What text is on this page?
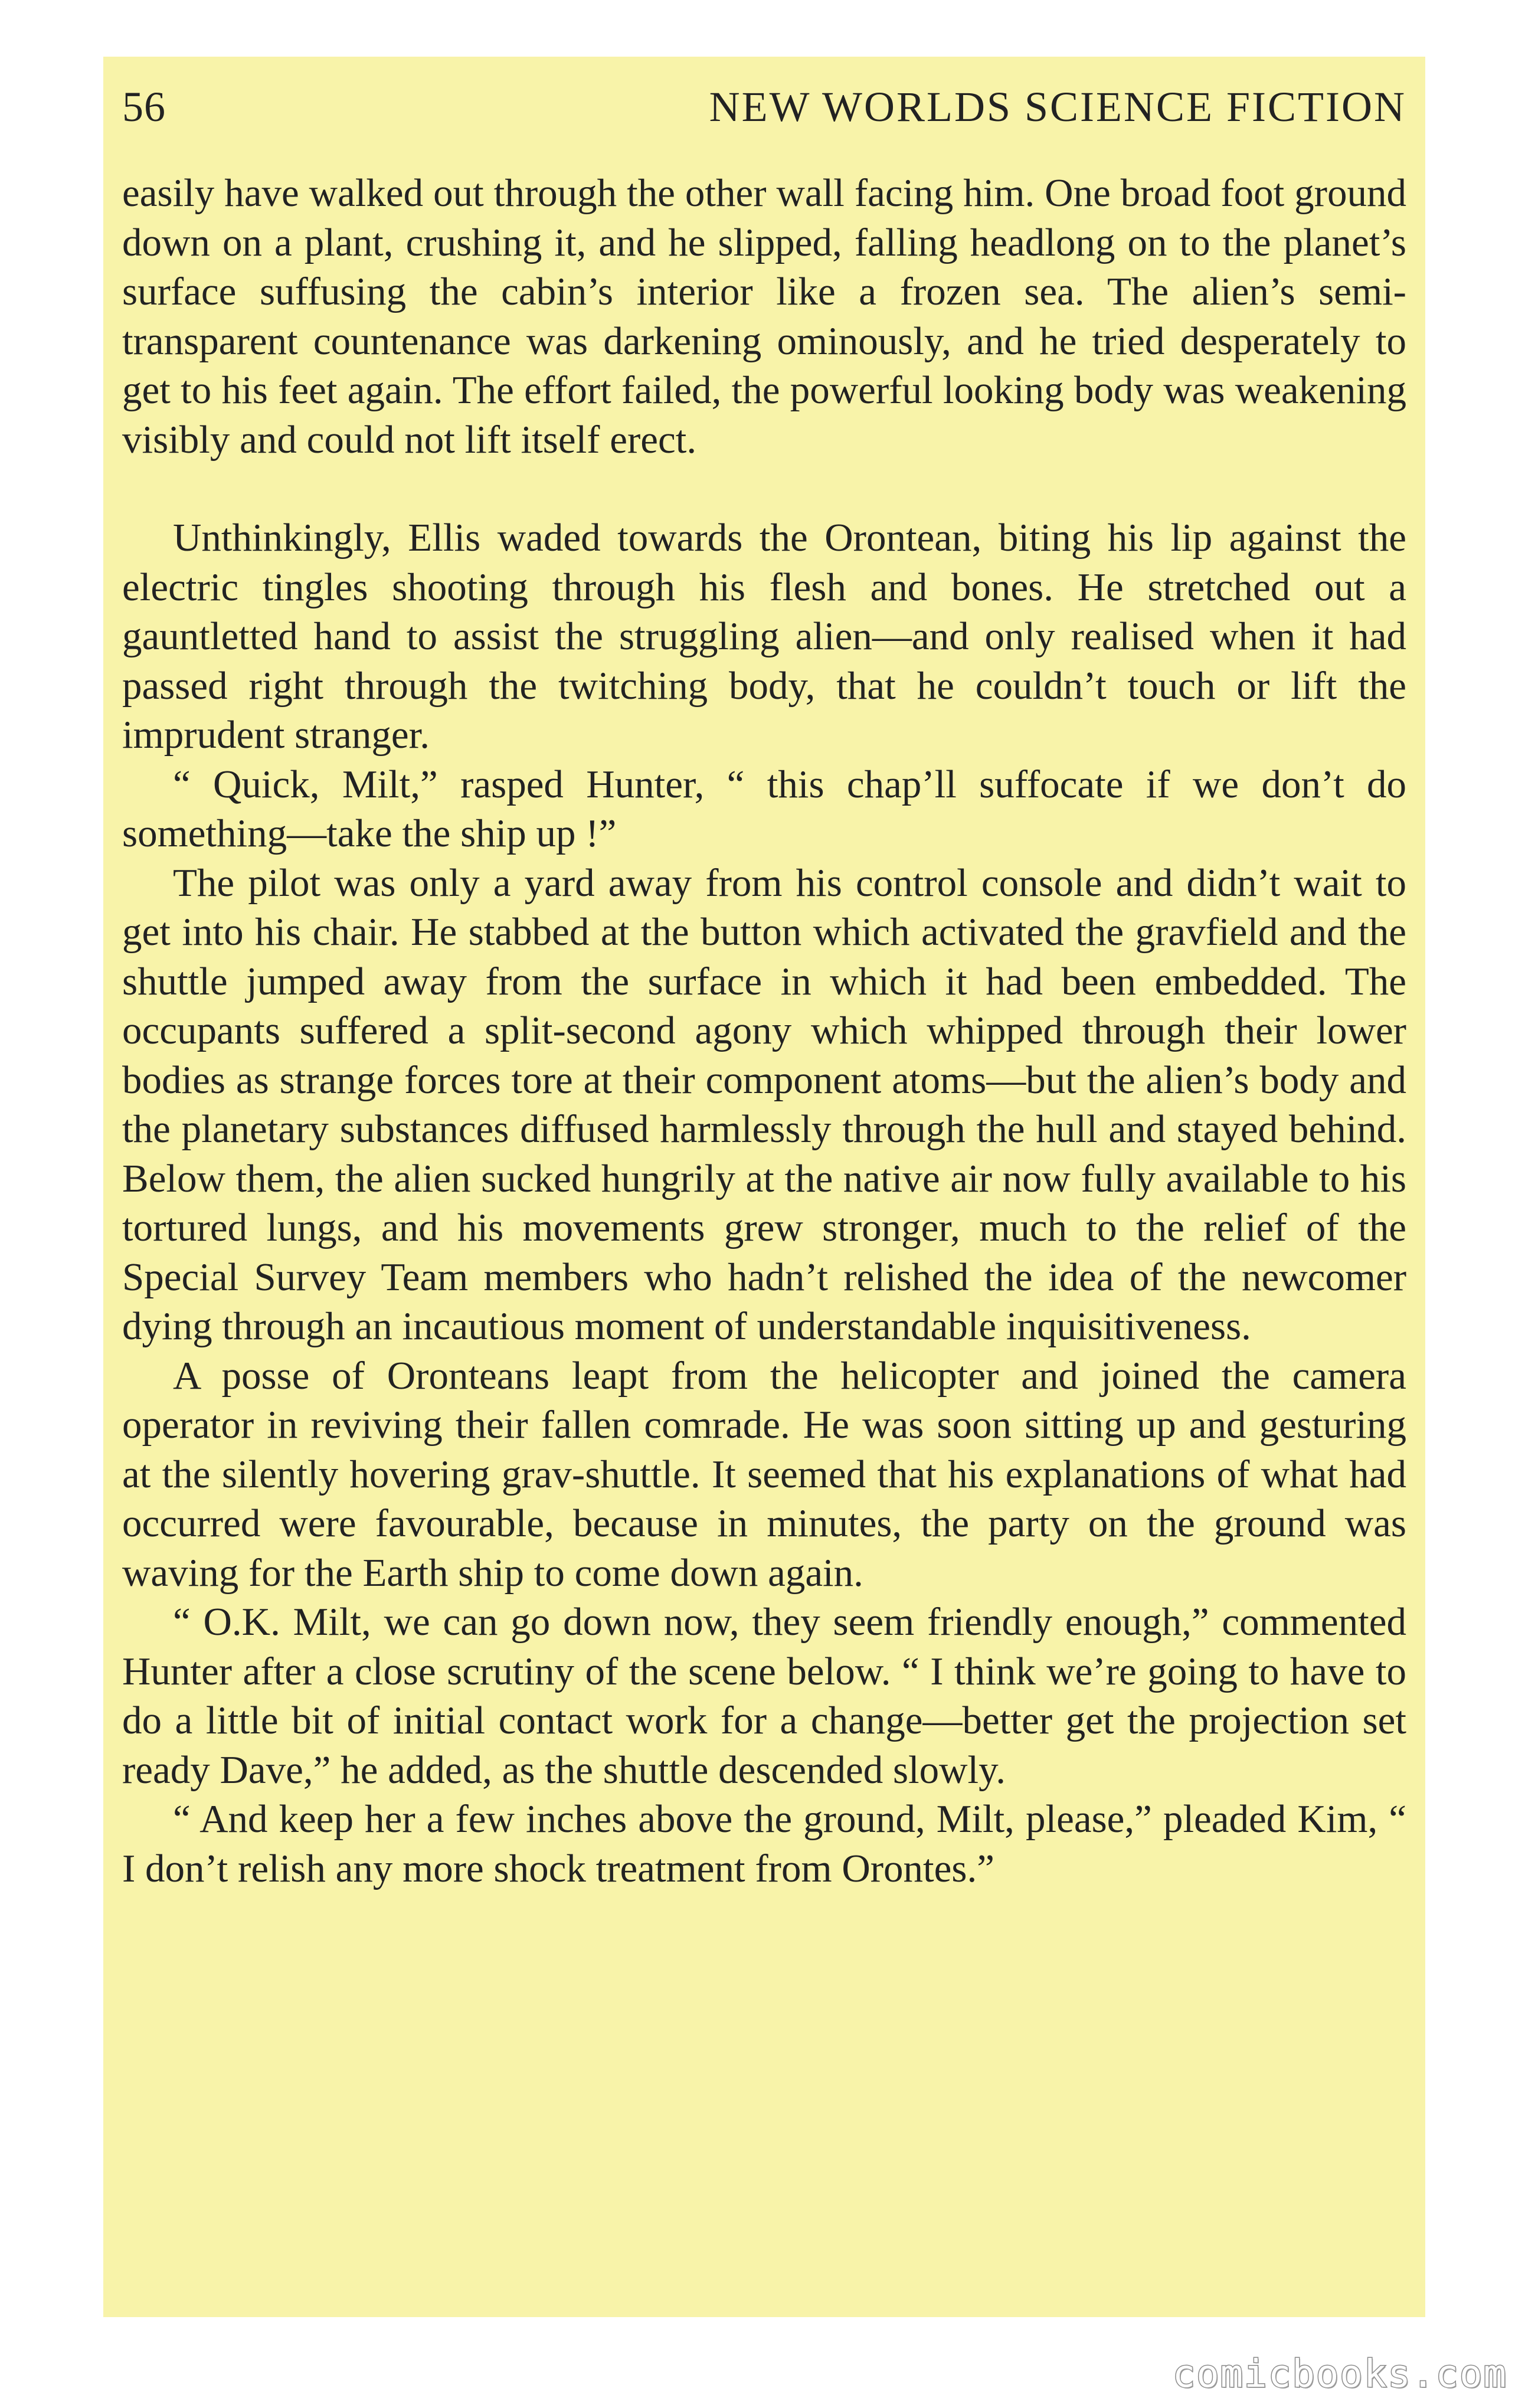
56	NEW WORLDS SCIENCE FICTION

easily have walked out through the other wall facing him. One broad foot ground down on a plant, crushing it, and he slipped, falling headlong on to the planet’s surface suffusing the cabin’s interior like a frozen sea. The alien’s semi-transparent countenance was darkening ominously, and he tried desperately to get to his feet again. The effort failed, the powerful looking body was weakening visibly and could not lift itself erect.

Unthinkingly, Ellis waded towards the Orontean, biting his lip against the electric tingles shooting through his flesh and bones. He stretched out a gauntletted hand to assist the struggling alien—and only realised when it had passed right through the twitching body, that he couldn’t touch or lift the imprudent stranger.

“ Quick, Milt,” rasped Hunter, “ this chap’ll suffocate if we don’t do something—take the ship up !”

The pilot was only a yard away from his control console and didn’t wait to get into his chair. He stabbed at the button which activated the gravfield and the shuttle jumped away from the surface in which it had been embedded. The occupants suffered a split-second agony which whipped through their lower bodies as strange forces tore at their component atoms—but the alien’s body and the planetary substances diffused harmlessly through the hull and stayed behind. Below them, the alien sucked hungrily at the native air now fully available to his tortured lungs, and his movements grew stronger, much to the relief of the Special Survey Team members who hadn’t relished the idea of the newcomer dying through an incautious moment of understandable inquisitiveness.

A posse of Oronteans leapt from the helicopter and joined the camera operator in reviving their fallen comrade. He was soon sitting up and gesturing at the silently hovering grav-shuttle. It seemed that his explanations of what had occurred were favourable, because in minutes, the party on the ground was waving for the Earth ship to come down again.

“ O.K. Milt, we can go down now, they seem friendly enough,” commented Hunter after a close scrutiny of the scene below. “ I think we’re going to have to do a little bit of initial contact work for a change—better get the projection set ready Dave,” he added, as the shuttle descended slowly.

“ And keep her a few inches above the ground, Milt, please,” pleaded Kim, “ I don’t relish any more shock treatment from Orontes.”

comicbooks.com
